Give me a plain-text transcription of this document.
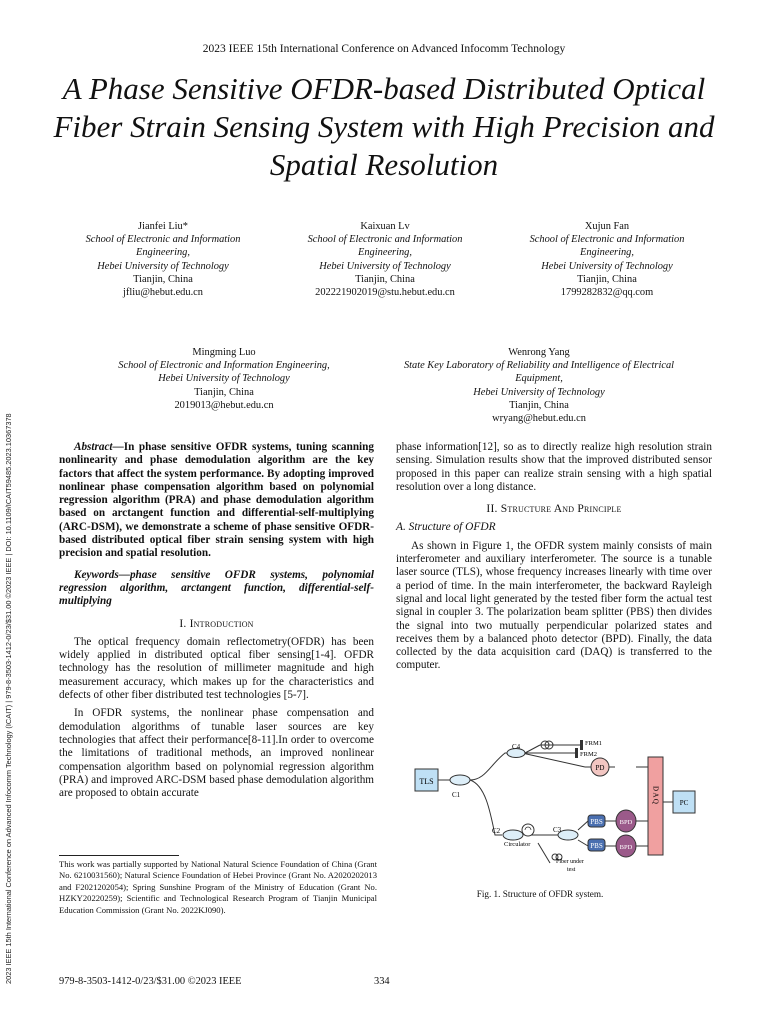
2023 IEEE 15th International Conference on Advanced Infocomm Technology (ICAIT) | 979-8-3503-1412-0/23/$31.00 ©2023 IEEE | DOI: 10.1109/ICAIT59485.2023.10367378
2023 IEEE 15th International Conference on Advanced Infocomm Technology
A Phase Sensitive OFDR-based Distributed Optical Fiber Strain Sensing System with High Precision and Spatial Resolution
Jianfei Liu*
School of Electronic and Information
Engineering,
Hebei University of Technology
Tianjin, China
jfliu@hebut.edu.cn
Kaixuan Lv
School of Electronic and Information
Engineering,
Hebei University of Technology
Tianjin, China
202221902019@stu.hebut.edu.cn
Xujun Fan
School of Electronic and Information
Engineering,
Hebei University of Technology
Tianjin, China
1799282832@qq.com
Mingming Luo
School of Electronic and Information Engineering,
Hebei University of Technology
Tianjin, China
2019013@hebut.edu.cn
Wenrong Yang
State Key Laboratory of Reliability and Intelligence of Electrical
Equipment,
Hebei University of Technology
Tianjin, China
wryang@hebut.edu.cn

Abstract—In phase sensitive OFDR systems, tuning scanning nonlinearity and phase demodulation algorithm are the key factors that affect the system performance. By adopting improved nonlinear phase compensation algorithm based on polynomial regression algorithm (PRA) and phase demodulation algorithm based on arctangent function and differential-self-multiplying (ARC-DSM), we demonstrate a scheme of phase sensitive OFDR-based distributed optical fiber strain sensing system with high precision and spatial resolution.

Keywords—phase sensitive OFDR systems, polynomial regression algorithm, arctangent function, differential-self-multiplying

I. Introduction

The optical frequency domain reflectometry(OFDR) has been widely applied in distributed optical fiber sensing[1-4]. OFDR technology has the resolution of millimeter magnitude and high measurement accuracy, which makes up for the characteristics and defects of other fiber distributed test technologies [5-7].

In OFDR systems, the nonlinear phase compensation and demodulation algorithms of tunable laser sources are key technologies that affect their performance[8-11].In order to overcome the limitations of traditional methods, an improved nonlinear compensation algorithm based on polynomial regression algorithm (PRA) and improved ARC-DSM based phase demodulation algorithm are proposed to obtain accurate

phase information[12], so as to directly realize high resolution strain sensing. Simulation results show that the improved distributed sensor proposed in this paper can realize strain sensing with a high spatial resolution over a long distance.

II. Structure And Principle
A. Structure of OFDR

As shown in Figure 1, the OFDR system mainly consists of main interferometer and auxiliary interferometer. The source is a tunable laser source (TLS), whose frequency increases linearly with time over a period of time. In the main interferometer, the backward Rayleigh signal and local light generated by the tested fiber form the actual test signal in coupler 3. The polarization beam splitter (PBS) then divides the signal into two mutually perpendicular polarized states and receives them by a balanced photo detector (BPD). Finally, the data collected by the data acquisition card (DAQ) is transferred to the computer.

TLS
C1
C4
C2	C3
FRM1
FRM2
PD
Circulator
Fiber under
test
PBS
PBS
BPD
BPD
D A Q	PC
Fig. 1. Structure of OFDR system.
This work was partially supported by National Natural Science Foundation of China (Grant No. 6210031560); Natural Science Foundation of Hebei Province (Grant No. A2020202013 and F2021202054); Spring Sunshine Program of the Ministry of Education (Grant No. HZKY20220259); Scientific and Technological Research Program of Tianjin Municipal Education Commission (Grant No. 2022KJ090).
979-8-3503-1412-0/23/$31.00 ©2023 IEEE	334
